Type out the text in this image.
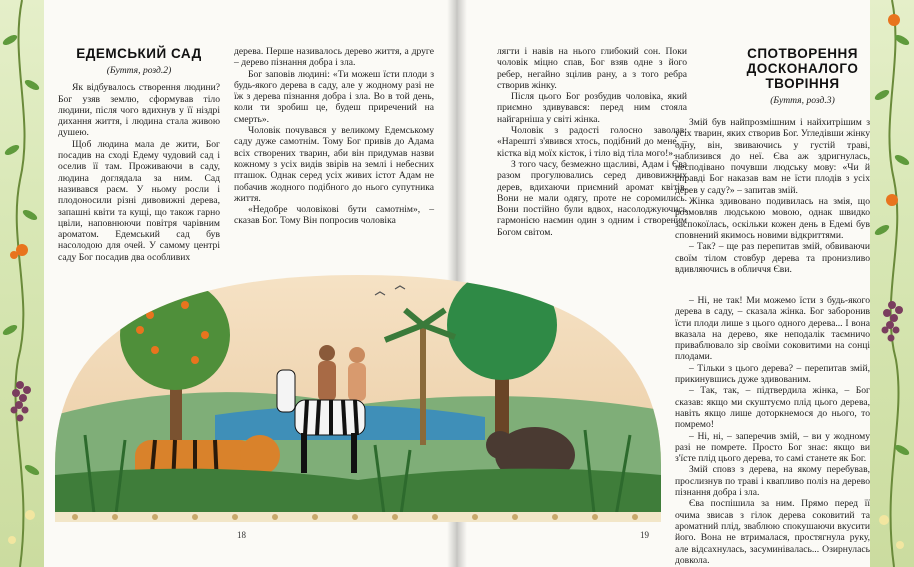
ЕДЕМСЬКИЙ САД
(Буття, розд.2)

Як відбувалось створення людини? Бог узяв землю, сформував тіло людини, після чого вдихнув у її ніздрі дихання життя, і людина стала живою душею.

Щоб людина мала де жити, Бог посадив на сході Едему чудовий сад і оселив її там. Проживаючи в саду, людина доглядала за ним. Сад називався раєм. У ньому росли і плодоносили різні дивовижні дерева, запашні квіти та кущі, що також гарно цвіли, наповнюючи повітря чарівним ароматом. Едемський сад був насолодою для очей. У самому центрі саду Бог посадив два особливих

дерева. Перше називалось дерево життя, а друге – дерево пізнання добра і зла.

Бог заповів людині: «Ти можеш їсти плоди з будь-якого дерева в саду, але у жодному разі не їж з дерева пізнання добра і зла. Во в той день, коли ти зробиш це, будеш приречений на смерть».

Чоловік почувався у великому Едемському саду дуже самотнім. Тому Бог привів до Адама всіх створених тварин, аби він придумав назви кожному з усіх видів звірів на землі і небесних пташок. Однак серед усіх живих істот Адам не побачив жодного подібного до нього супутника життя.

«Недобре чоловікові бути самотнім», – сказав Бог. Тому Він попросив чоловіка

18

лягти і навів на нього глибокий сон. Поки чоловік міцно спав, Бог взяв одне з його ребер, негайно зцілив рану, а з того ребра створив жінку.

Після цього Бог розбудив чоловіка, який приємно здивувався: перед ним стояла найгарніша у світі жінка.

Чоловік з радості голосно заволав: «Нарешті з'явився хтось, подібний до мене, – кістка від моїх кісток, і тіло від тіла мого!».

З того часу, безмежно щасливі, Адам і Єва разом прогулювались серед дивовижних дерев, вдихаючи приємний аромат квітів. Вони не мали одягу, проте не соромились. Вони постійно були вдвох, насолоджуючись гармонією наємин один з одним і створеним Богом світом.

СПОТВОРЕННЯ ДОСКОНАЛОГО ТВОРІННЯ
(Буття, розд.3)

Змій був найпрозмішним і найхитрішим з усіх тварин, яких створив Бог. Угледівши жінку одну, він, звиваючись у густій траві, наблизився до неї. Єва аж здригнулась, несподівано почувши людську мову: «Чи й справді Бог наказав вам не їсти плодів з усіх дерев у саду?» – запитав змій.

Жінка здивовано подивилась на змія, що розмовляв людською мовою, однак швидко заспокоїлась, оскільки кожен день в Едемі був сповнений якимось новими відкриттями.

– Так? – ще раз перепитав змій, обвиваючи своїм тілом стовбур дерева та пронизливо вдивляючись в обличчя Єви.

– Ні, не так! Ми можемо їсти з будь-якого дерева в саду, – сказала жінка. Бог заборонив їсти плоди лише з цього одного дерева... І вона вказала на дерево, яке неподалік таємничо приваблювало зір своїми соковитими на сонці плодами.

– Тільки з цього дерева? – перепитав змій, прикинувшись дуже здивованим.

– Так, так, – підтвердила жінка, – Бог сказав: якщо ми скуштуємо плід цього дерева, навіть якщо лише доторкнемося до нього, то помремо!

– Ні, ні, – заперечив змій, – ви у жодному разі не помрете. Просто Бог знає: якщо ви з'їсте плід цього дерева, то самі станете як Бог.

Змій сповз з дерева, на якому перебував, прослизнув по траві і квапливо поліз на дерево пізнання добра і зла.

Єва поспішила за ним. Прямо перед її очима звисав з гілок дерева соковитий та ароматний плід, зваблюю спокушаючи вкусити його. Вона не втрималася, простягнула руку, але відсахнулась, засуминівалась... Озирнулась довкола.

19
